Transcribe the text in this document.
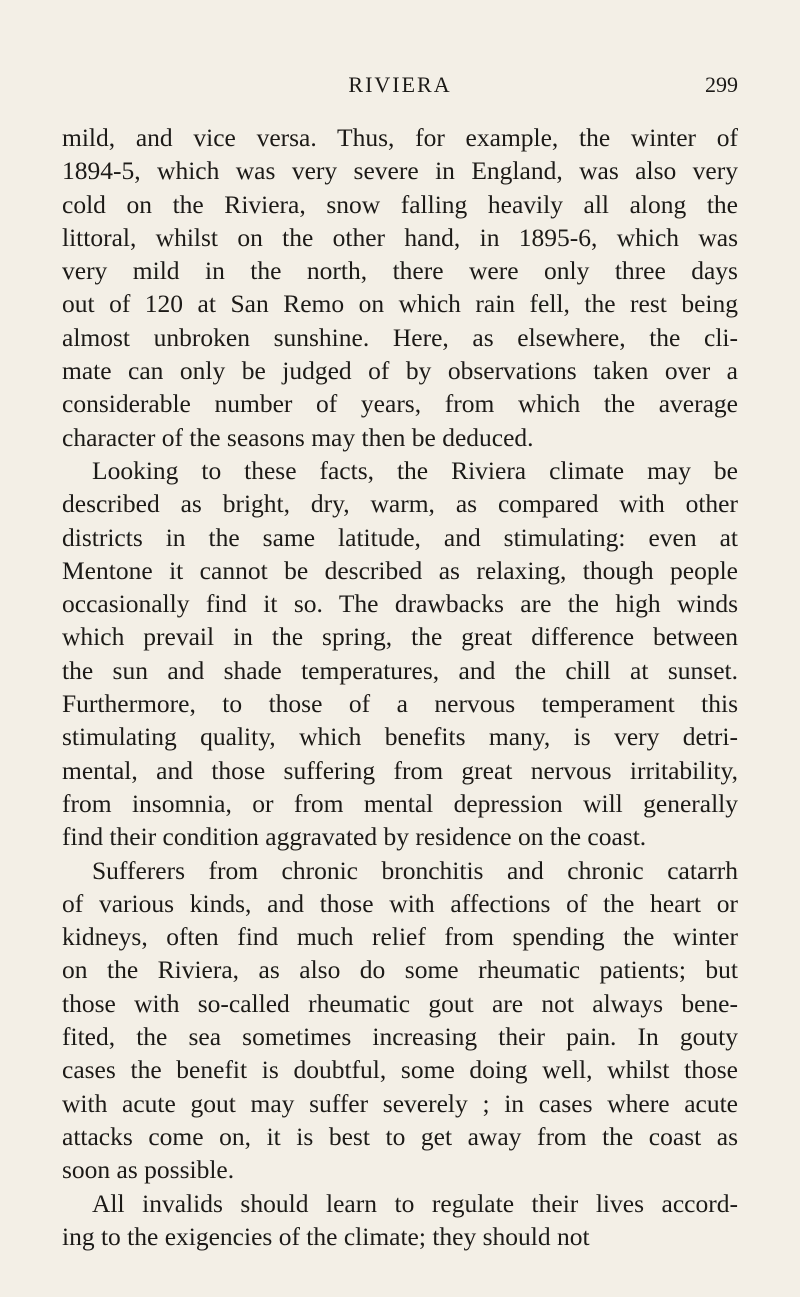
RIVIERA	299
mild, and vice versa. Thus, for example, the winter of
1894-5, which was very severe in England, was also very
cold on the Riviera, snow falling heavily all along the
littoral, whilst on the other hand, in 1895-6, which was
very mild in the north, there were only three days
out of 120 at San Remo on which rain fell, the rest being
almost unbroken sunshine. Here, as elsewhere, the cli-
mate can only be judged of by observations taken over a
considerable number of years, from which the average
character of the seasons may then be deduced.
Looking to these facts, the Riviera climate may be
described as bright, dry, warm, as compared with other
districts in the same latitude, and stimulating: even at
Mentone it cannot be described as relaxing, though people
occasionally find it so. The drawbacks are the high winds
which prevail in the spring, the great difference between
the sun and shade temperatures, and the chill at sunset.
Furthermore, to those of a nervous temperament this
stimulating quality, which benefits many, is very detri-
mental, and those suffering from great nervous irritability,
from insomnia, or from mental depression will generally
find their condition aggravated by residence on the coast.
Sufferers from chronic bronchitis and chronic catarrh
of various kinds, and those with affections of the heart or
kidneys, often find much relief from spending the winter
on the Riviera, as also do some rheumatic patients; but
those with so-called rheumatic gout are not always bene-
fited, the sea sometimes increasing their pain. In gouty
cases the benefit is doubtful, some doing well, whilst those
with acute gout may suffer severely ; in cases where acute
attacks come on, it is best to get away from the coast as
soon as possible.
All invalids should learn to regulate their lives accord-
ing to the exigencies of the climate; they should not
